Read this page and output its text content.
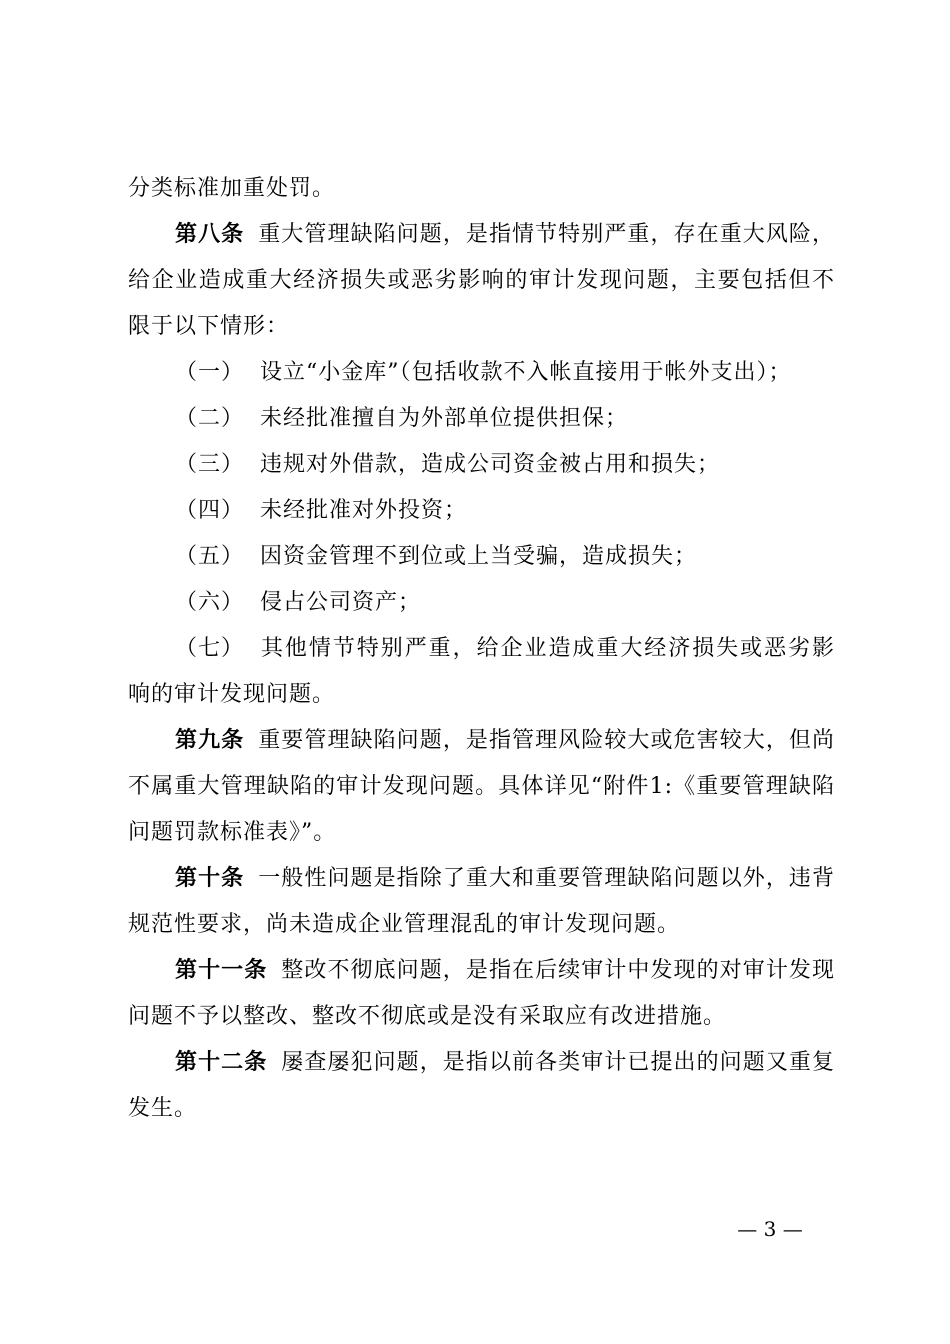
分类标准加重处罚。

第八条 重大管理缺陷问题，是指情节特别严重，存在重大风险，给企业造成重大经济损失或恶劣影响的审计发现问题，主要包括但不限于以下情形：

（一） 设立“小金库”（包括收款不入帐直接用于帐外支出）；

（二） 未经批准擅自为外部单位提供担保；

（三） 违规对外借款，造成公司资金被占用和损失；

（四） 未经批准对外投资；

（五） 因资金管理不到位或上当受骗，造成损失；

（六） 侵占公司资产；

（七） 其他情节特别严重，给企业造成重大经济损失或恶劣影响的审计发现问题。

第九条 重要管理缺陷问题，是指管理风险较大或危害较大，但尚不属重大管理缺陷的审计发现问题。具体详见“附件1:《重要管理缺陷问题罚款标准表》”。

第十条 一般性问题是指除了重大和重要管理缺陷问题以外，违背规范性要求，尚未造成企业管理混乱的审计发现问题。

第十一条 整改不彻底问题，是指在后续审计中发现的对审计发现问题不予以整改、整改不彻底或是没有采取应有改进措施。

第十二条 屡查屡犯问题，是指以前各类审计已提出的问题又重复发生。

— 3 —
